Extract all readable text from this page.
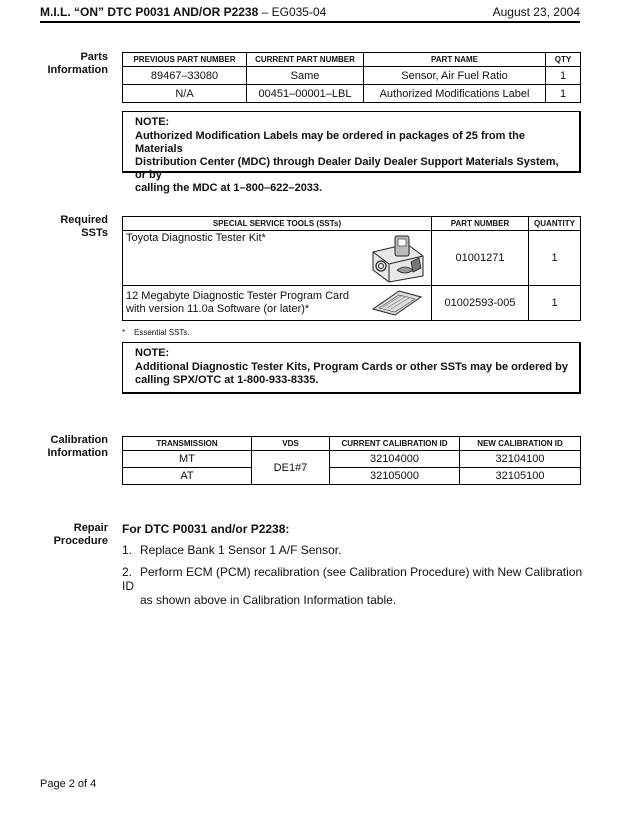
M.I.L. “ON” DTC P0031 AND/OR P2238 – EG035-04	August 23, 2004
Parts
Information
PREVIOUS PART NUMBER	CURRENT PART NUMBER	PART NAME	QTY
89467–33080	Same	Sensor, Air Fuel Ratio	1
N/A	00451–00001–LBL	Authorized Modifications Label	1
NOTE:
Authorized Modification Labels may be ordered in packages of 25 from the Materials
Distribution Center (MDC) through Dealer Daily Dealer Support Materials System, or by
calling the MDC at 1–800–622–2033.
Required
SSTs
SPECIAL SERVICE TOOLS (SSTs)	PART NUMBER	QUANTITY
Toyota Diagnostic Tester Kit*	01001271	1

12 Megabyte Diagnostic Tester Program Card
with version 11.0a Software (or later)*	01002593-005	1
* Essential SSTs.
NOTE:
Additional Diagnostic Tester Kits, Program Cards or other SSTs may be ordered by
calling SPX/OTC at 1-800-933-8335.
Calibration
Information
TRANSMISSION	VDS	CURRENT CALIBRATION ID	NEW CALIBRATION ID
MT	DE1#7	32104000	32104100
AT		32105000	32105100
Repair
Procedure
For DTC P0031 and/or P2238:
1. Replace Bank 1 Sensor 1 A/F Sensor.
2. Perform ECM (PCM) recalibration (see Calibration Procedure) with New Calibration ID
as shown above in Calibration Information table.
Page 2 of 4
